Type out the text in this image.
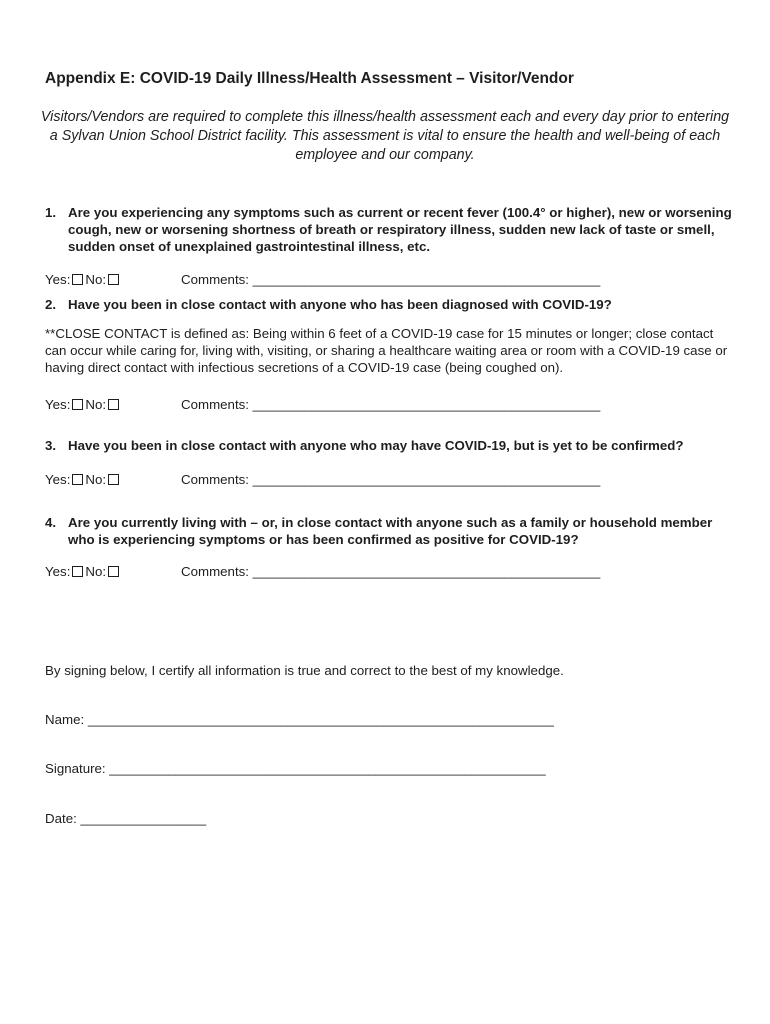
Appendix E: COVID-19 Daily Illness/Health Assessment – Visitor/Vendor
Visitors/Vendors are required to complete this illness/health assessment each and every day prior to entering a Sylvan Union School District facility. This assessment is vital to ensure the health and well-being of each employee and our company.
1. Are you experiencing any symptoms such as current or recent fever (100.4° or higher), new or worsening cough, new or worsening shortness of breath or respiratory illness, sudden new lack of taste or smell, sudden onset of unexplained gastrointestinal illness, etc.
Yes: No:	Comments: _______________________________________________
2. Have you been in close contact with anyone who has been diagnosed with COVID-19?
**CLOSE CONTACT is defined as: Being within 6 feet of a COVID-19 case for 15 minutes or longer; close contact can occur while caring for, living with, visiting, or sharing a healthcare waiting area or room with a COVID-19 case or having direct contact with infectious secretions of a COVID-19 case (being coughed on).
Yes: No:	Comments: _______________________________________________
3. Have you been in close contact with anyone who may have COVID-19, but is yet to be confirmed?
Yes: No:	Comments: _______________________________________________
4. Are you currently living with – or, in close contact with anyone such as a family or household member who is experiencing symptoms or has been confirmed as positive for COVID-19?
Yes: No:	Comments: _______________________________________________
By signing below, I certify all information is true and correct to the best of my knowledge.
Name: _______________________________________________________________
Signature: ___________________________________________________________
Date: _________________
